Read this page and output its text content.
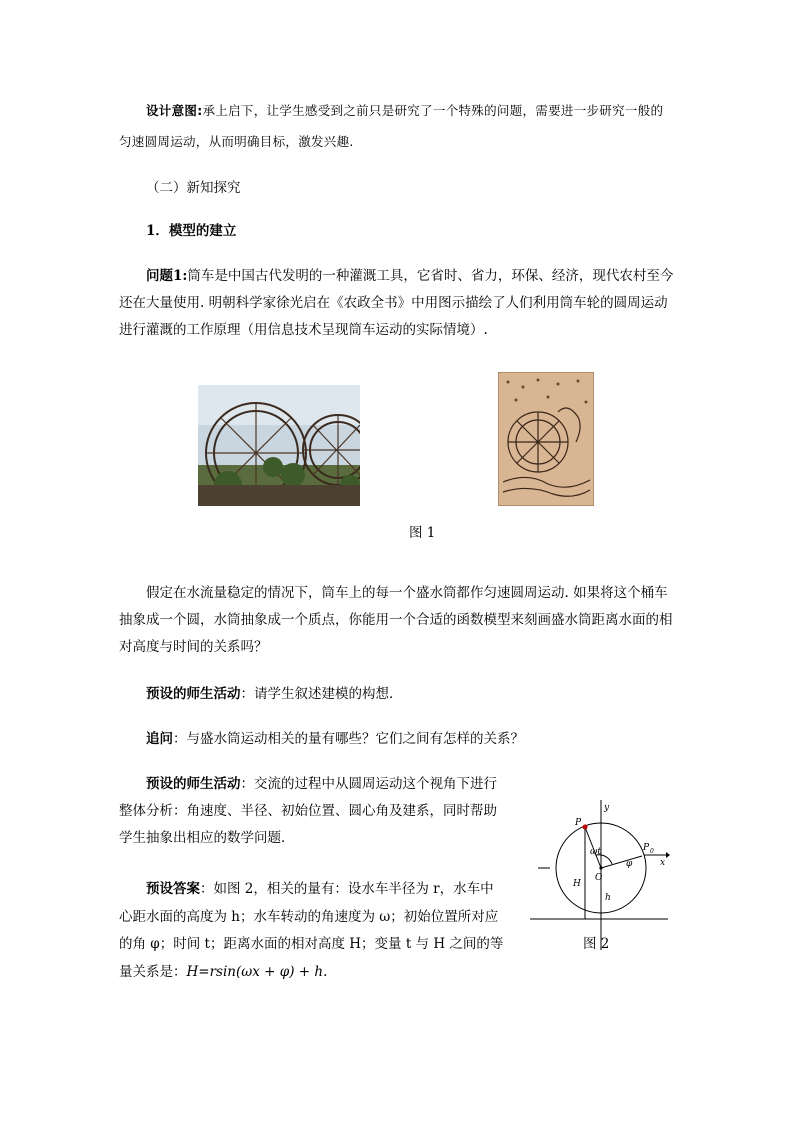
设计意图:承上启下，让学生感受到之前只是研究了一个特殊的问题，需要进一步研究一般的匀速圆周运动，从而明确目标，激发兴趣.
（二）新知探究
1．模型的建立
问题1:筒车是中国古代发明的一种灌溉工具，它省时、省力，环保、经济，现代农村至今还在大量使用. 明朝科学家徐光启在《农政全书》中用图示描绘了人们利用筒车轮的圆周运动进行灌溉的工作原理（用信息技术呈现筒车运动的实际情境）.
图 1
假定在水流量稳定的情况下，筒车上的每一个盛水筒都作匀速圆周运动. 如果将这个桶车抽象成一个圆，水筒抽象成一个质点，你能用一个合适的函数模型来刻画盛水筒距离水面的相对高度与时间的关系吗？
预设的师生活动：请学生叙述建模的构想．
追问：与盛水筒运动相关的量有哪些？它们之间有怎样的关系？
预设的师生活动：交流的过程中从圆周运动这个视角下进行整体分析：角速度、半径、初始位置、圆心角及建系，同时帮助学生抽象出相应的数学问题．
预设答案：如图 2，相关的量有：设水车半径为 r，水车中心距水面的高度为 h；水车转动的角速度为 ω；初始位置所对应的角 φ；时间 t；距离水面的相对高度 H；变量 t 与 H 之间的等量关系是：H=rsin(ωx + φ) + h.
y
x
P
P 0
O
H
h
ωt
φ
图 2
